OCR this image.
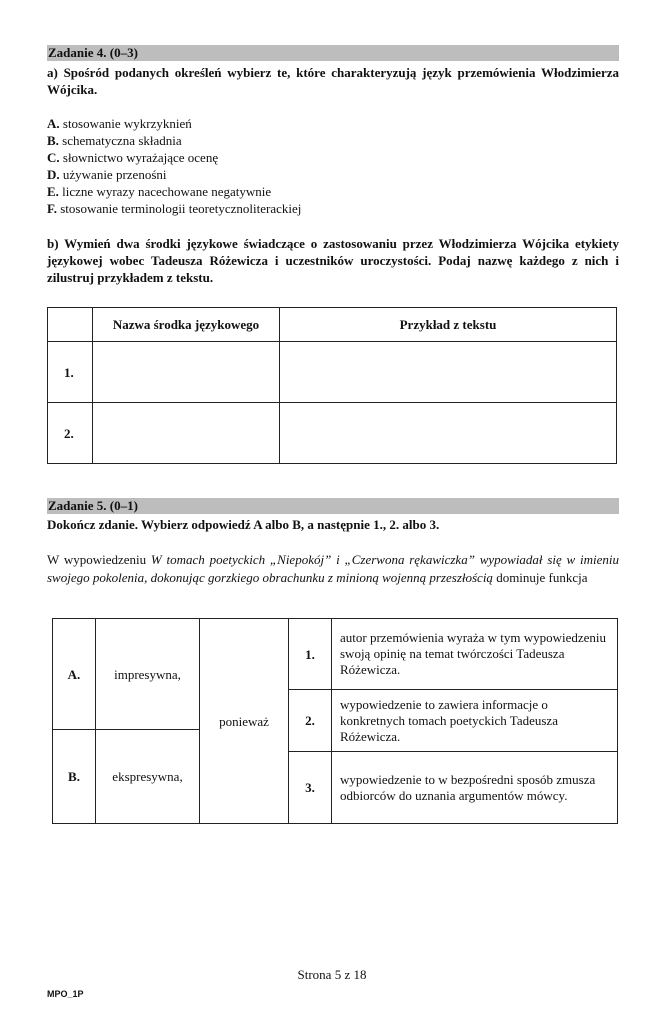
Zadanie 4. (0–3)
a) Spośród podanych określeń wybierz te, które charakteryzują język przemówienia Włodzimierza Wójcika.
A. stosowanie wykrzyknień
B. schematyczna składnia
C. słownictwo wyrażające ocenę
D. używanie przenośni
E. liczne wyrazy nacechowane negatywnie
F. stosowanie terminologii teoretycznoliterackiej
b) Wymień dwa środki językowe świadczące o zastosowaniu przez Włodzimierza Wójcika etykiety językowej wobec Tadeusza Różewicza i uczestników uroczystości. Podaj nazwę każdego z nich i zilustruj przykładem z tekstu.
	Nazwa środka językowego	Przykład z tekstu
1.		
2.		
Zadanie 5. (0–1)
Dokończ zdanie. Wybierz odpowiedź A albo B, a następnie 1., 2. albo 3.
W wypowiedzeniu W tomach poetyckich „Niepokój” i „Czerwona rękawiczka” wypowiadał się w imieniu swojego pokolenia, dokonując gorzkiego obrachunku z minioną wojenną przeszłością dominuje funkcja
A.	impresywna,	ponieważ	1.	autor przemówienia wyraża w tym wypowiedzeniu swoją opinię na temat twórczości Tadeusza Różewicza.

			2.	wypowiedzenie to zawiera informacje o konkretnych tomach poetyckich Tadeusza Różewicza.
B.	ekspresywna,			
			3.	wypowiedzenie to w bezpośredni sposób zmusza odbiorców do uznania argumentów mówcy.

Strona 5 z 18
MPO_1P
